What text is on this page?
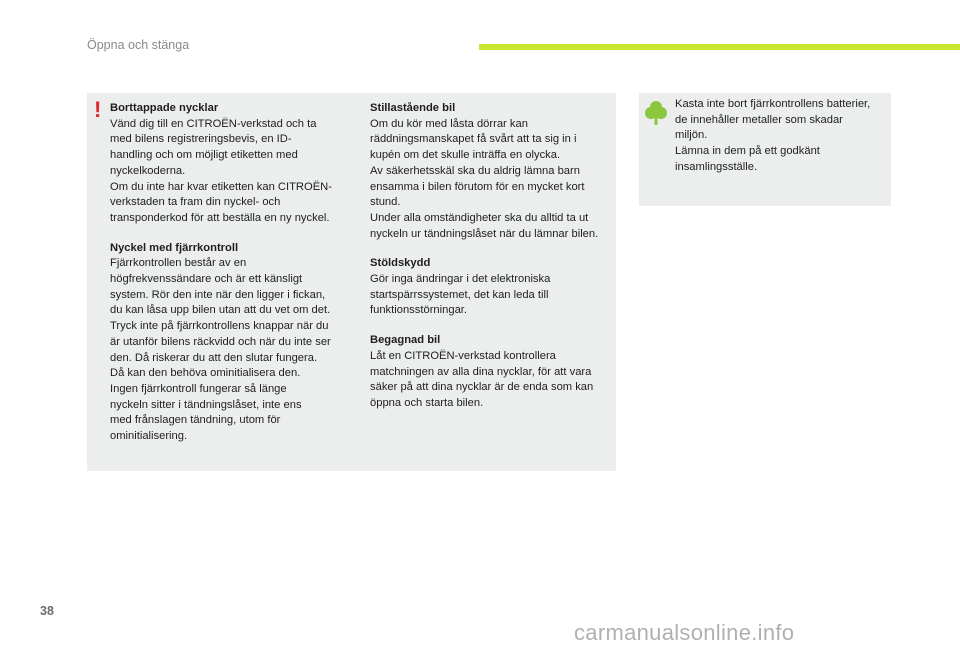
Öppna och stänga
! Borttappade nycklar
Vänd dig till en CITROËN-verkstad och ta
med bilens registreringsbevis, en ID-
handling och om möjligt etiketten med
nyckelkoderna.
Om du inte har kvar etiketten kan CITROËN-
verkstaden ta fram din nyckel- och
transponderkod för att beställa en ny nyckel.
Nyckel med fjärrkontroll
Fjärrkontrollen består av en
högfrekvenssändare och är ett känsligt
system. Rör den inte när den ligger i fickan,
du kan låsa upp bilen utan att du vet om det.
Tryck inte på fjärrkontrollens knappar när du
är utanför bilens räckvidd och när du inte ser
den. Då riskerar du att den slutar fungera.
Då kan den behöva ominitialisera den.
Ingen fjärrkontroll fungerar så länge
nyckeln sitter i tändningslåset, inte ens
med frånslagen tändning, utom för
ominitialisering.
Stillastående bil
Om du kör med låsta dörrar kan
räddningsmanskapet få svårt att ta sig in i
kupén om det skulle inträffa en olycka.
Av säkerhetsskäl ska du aldrig lämna barn
ensamma i bilen förutom för en mycket kort
stund.
Under alla omständigheter ska du alltid ta ut
nyckeln ur tändningslåset när du lämnar bilen.
Stöldskydd
Gör inga ändringar i det elektroniska
startspärrssystemet, det kan leda till
funktionsstörningar.
Begagnad bil
Låt en CITROËN-verkstad kontrollera
matchningen av alla dina nycklar, för att vara
säker på att dina nycklar är de enda som kan
öppna och starta bilen.
Kasta inte bort fjärrkontrollens batterier,
de innehåller metaller som skadar
miljön.
Lämna in dem på ett godkänt
insamlingsställe.
38
carmanualsonline.info
